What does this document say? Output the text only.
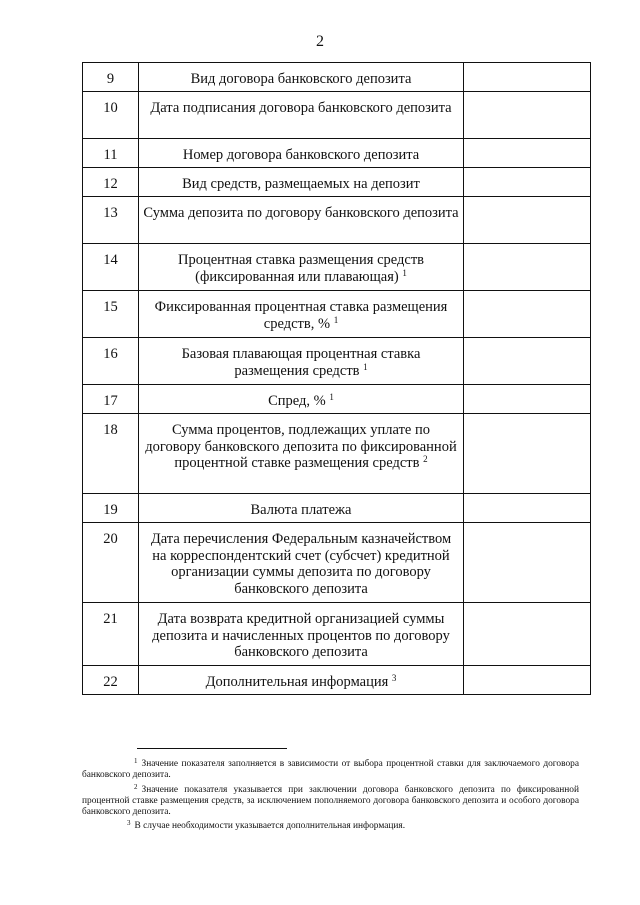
2
9	Вид договора банковского депозита	
10	Дата подписания договора банковского депозита	
11	Номер договора банковского депозита	
12	Вид средств, размещаемых на депозит	
13	Сумма депозита по договору банковского депозита	
14	Процентная ставка размещения средств (фиксированная или плавающая) $^1$	
15	Фиксированная процентная ставка размещения средств, % $^1$	
16	Базовая плавающая процентная ставка размещения средств $^1$	
17	Спред, % $^1$	
18	Сумма процентов, подлежащих уплате по договору банковского депозита по фиксированной процентной ставке размещения средств $^2$	
19	Валюта платежа	
20	Дата перечисления Федеральным казначейством на корреспондентский счет (субсчет) кредитной организации суммы депозита по договору банковского депозита	
21	Дата возврата кредитной организацией суммы депозита и начисленных процентов по договору банковского депозита	
22	Дополнительная информация $^3$	

$^1$ Значение показателя заполняется в зависимости от выбора процентной ставки для заключаемого договора банковского депозита.

$^2$ Значение показателя указывается при заключении договора банковского депозита по фиксированной процентной ставке размещения средств, за исключением пополняемого договора банковского депозита и особого договора банковского депозита.

$^3$ В случае необходимости указывается дополнительная информация.
